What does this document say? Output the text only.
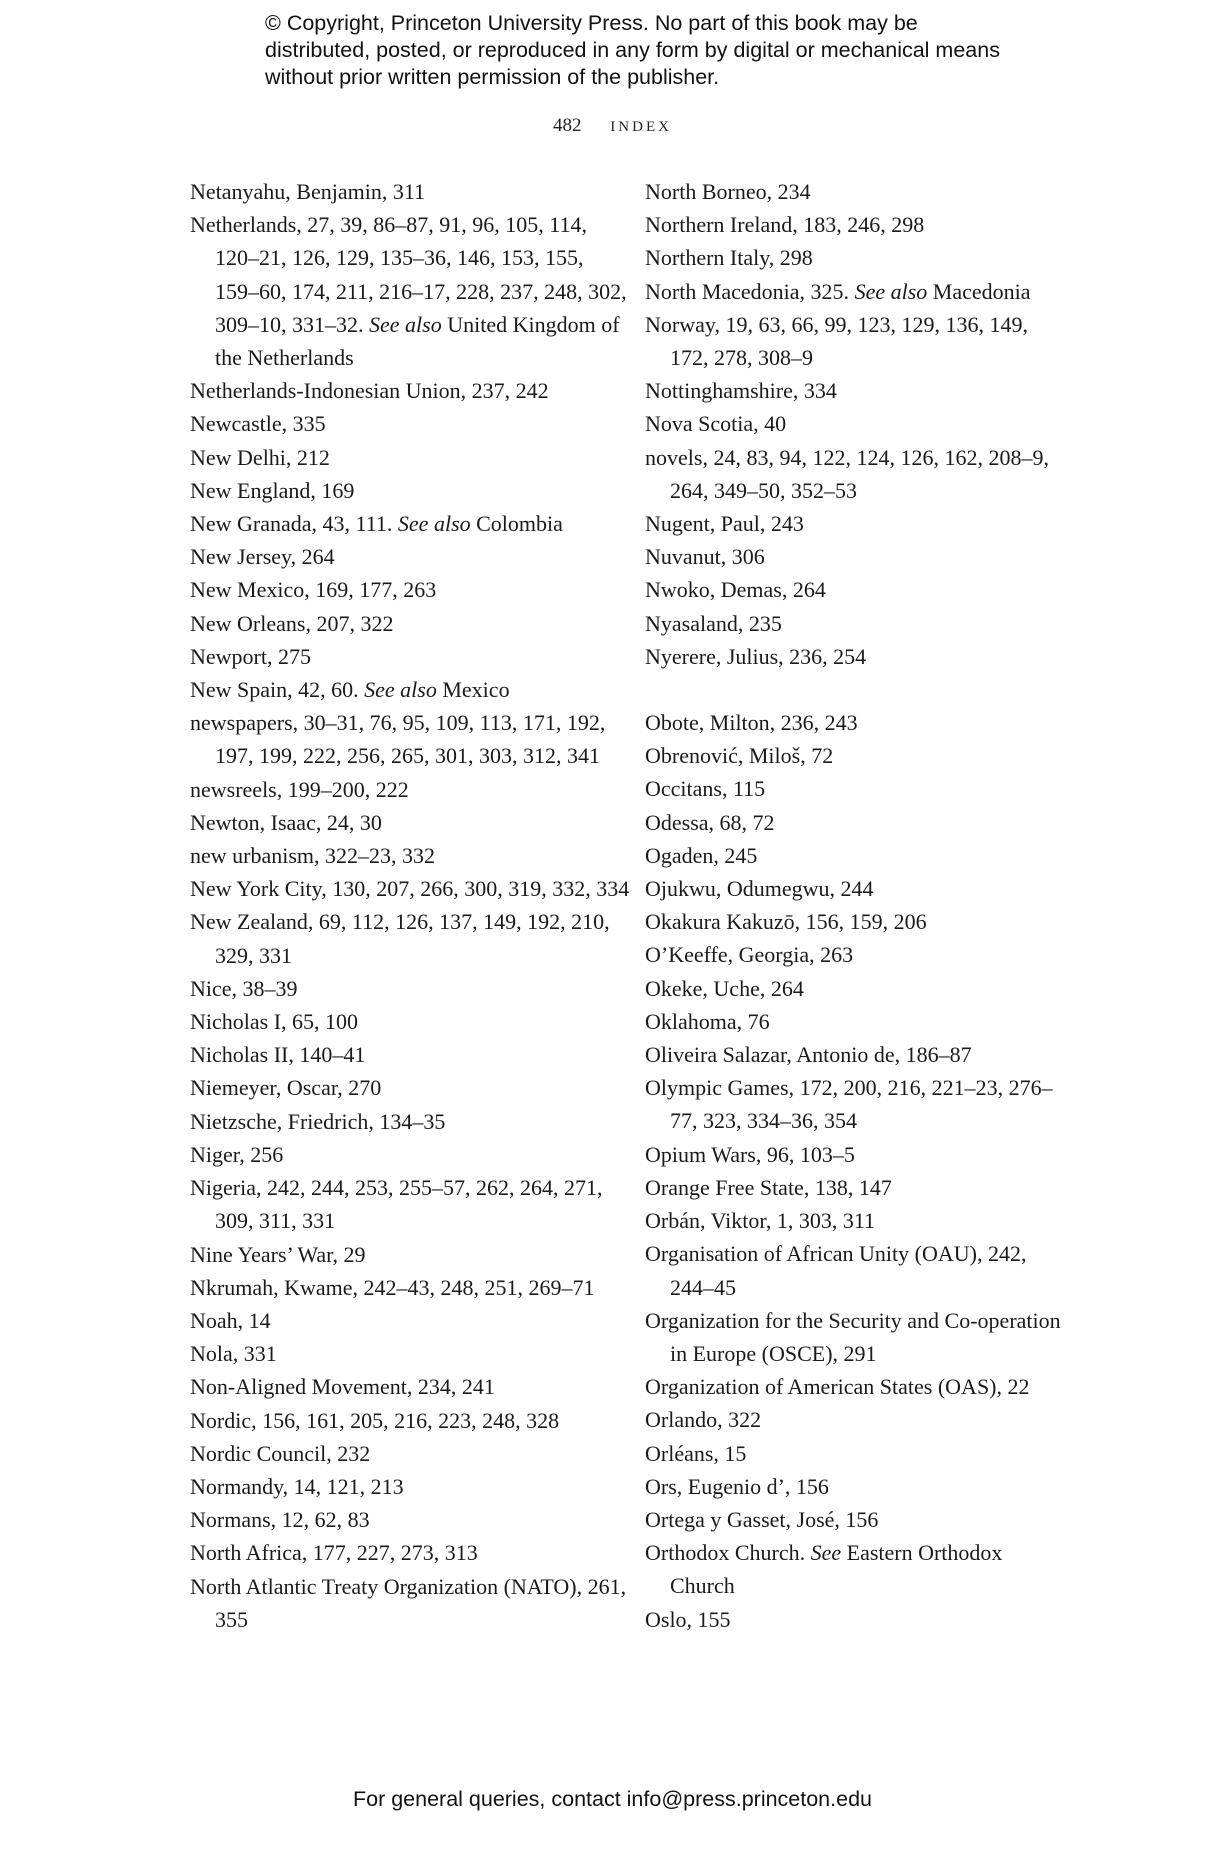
© Copyright, Princeton University Press. No part of this book may be distributed, posted, or reproduced in any form by digital or mechanical means without prior written permission of the publisher.
482 index
Netanyahu, Benjamin, 311
Netherlands, 27, 39, 86–87, 91, 96, 105, 114, 120–21, 126, 129, 135–36, 146, 153, 155, 159–60, 174, 211, 216–17, 228, 237, 248, 302, 309–10, 331–32. See also United Kingdom of the Netherlands
Netherlands-Indonesian Union, 237, 242
Newcastle, 335
New Delhi, 212
New England, 169
New Granada, 43, 111. See also Colombia
New Jersey, 264
New Mexico, 169, 177, 263
New Orleans, 207, 322
Newport, 275
New Spain, 42, 60. See also Mexico
newspapers, 30–31, 76, 95, 109, 113, 171, 192, 197, 199, 222, 256, 265, 301, 303, 312, 341
newsreels, 199–200, 222
Newton, Isaac, 24, 30
new urbanism, 322–23, 332
New York City, 130, 207, 266, 300, 319, 332, 334
New Zealand, 69, 112, 126, 137, 149, 192, 210, 329, 331
Nice, 38–39
Nicholas I, 65, 100
Nicholas II, 140–41
Niemeyer, Oscar, 270
Nietzsche, Friedrich, 134–35
Niger, 256
Nigeria, 242, 244, 253, 255–57, 262, 264, 271, 309, 311, 331
Nine Years’ War, 29
Nkrumah, Kwame, 242–43, 248, 251, 269–71
Noah, 14
Nola, 331
Non-Aligned Movement, 234, 241
Nordic, 156, 161, 205, 216, 223, 248, 328
Nordic Council, 232
Normandy, 14, 121, 213
Normans, 12, 62, 83
North Africa, 177, 227, 273, 313
North Atlantic Treaty Organization (NATO), 261, 355
North Borneo, 234
Northern Ireland, 183, 246, 298
Northern Italy, 298
North Macedonia, 325. See also Macedonia
Norway, 19, 63, 66, 99, 123, 129, 136, 149, 172, 278, 308–9
Nottinghamshire, 334
Nova Scotia, 40
novels, 24, 83, 94, 122, 124, 126, 162, 208–9, 264, 349–50, 352–53
Nugent, Paul, 243
Nuvanut, 306
Nwoko, Demas, 264
Nyasaland, 235
Nyerere, Julius, 236, 254
Obote, Milton, 236, 243
Obrenović, Miloš, 72
Occitans, 115
Odessa, 68, 72
Ogaden, 245
Ojukwu, Odumegwu, 244
Okakura Kakuzō, 156, 159, 206
O’Keeffe, Georgia, 263
Okeke, Uche, 264
Oklahoma, 76
Oliveira Salazar, Antonio de, 186–87
Olympic Games, 172, 200, 216, 221–23, 276–77, 323, 334–36, 354
Opium Wars, 96, 103–5
Orange Free State, 138, 147
Orbán, Viktor, 1, 303, 311
Organisation of African Unity (OAU), 242, 244–45
Organization for the Security and Co-operation in Europe (OSCE), 291
Organization of American States (OAS), 22
Orlando, 322
Orléans, 15
Ors, Eugenio d’, 156
Ortega y Gasset, José, 156
Orthodox Church. See Eastern Orthodox Church
Oslo, 155
For general queries, contact info@press.princeton.edu
